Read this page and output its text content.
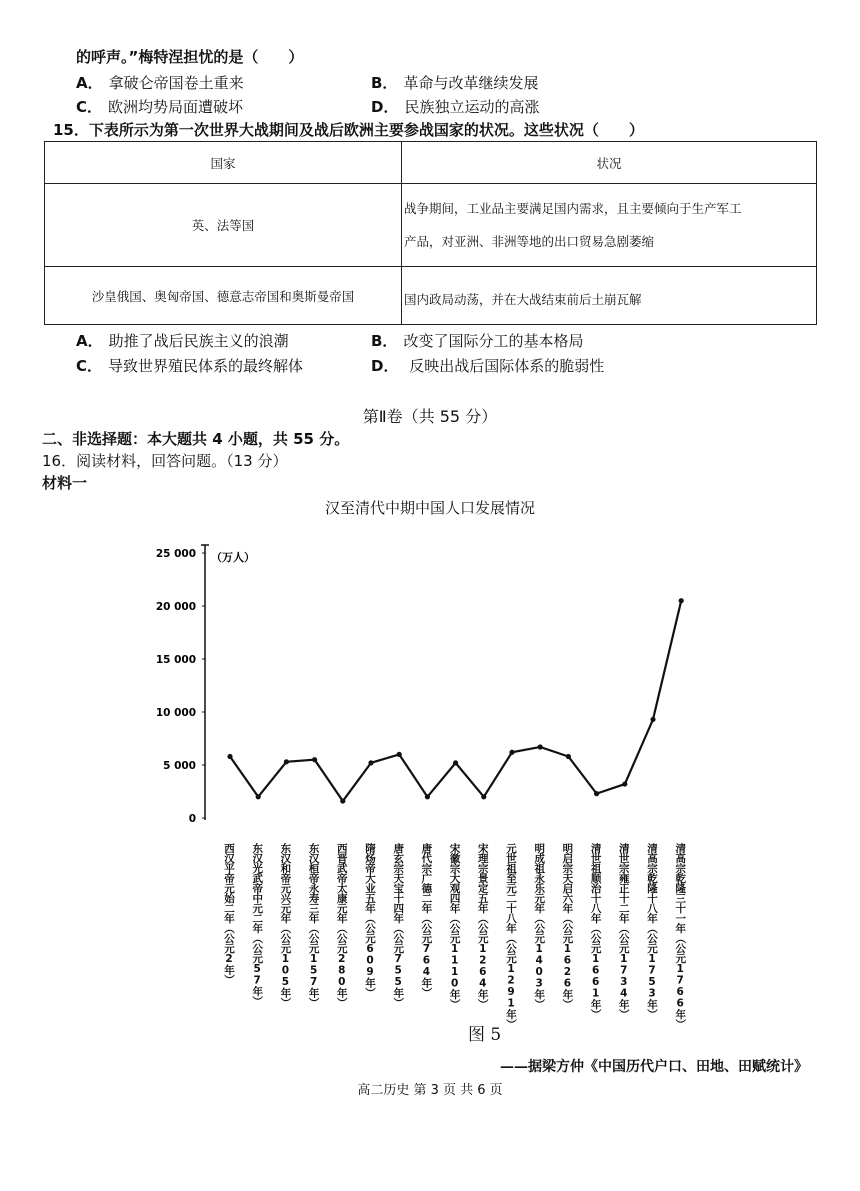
的呼声。”梅特涅担忧的是（　　）
A． 拿破仑帝国卷土重来	B． 革命与改革继续发展
C． 欧洲均势局面遭破坏	D． 民族独立运动的高涨
15．下表所示为第一次世界大战期间及战后欧洲主要参战国家的状况。这些状况（　　）
国家	状况
英、法等国	战争期间，工业品主要满足国内需求，且主要倾向于生产军工
产品，对亚洲、非洲等地的出口贸易急剧萎缩

沙皇俄国、奥匈帝国、德意志帝国和奥斯曼帝国	国内政局动荡，并在大战结束前后土崩瓦解
A． 助推了战后民族主义的浪潮	B． 改变了国际分工的基本格局
C． 导致世界殖民体系的最终解体	D． 反映出战后国际体系的脆弱性
第Ⅱ卷（共 55 分）
二、非选择题：本大题共 4 小题，共 55 分。
16．阅读材料，回答问题。（13 分）
材料一
汉至清代中期中国人口发展情况
25 000
20 000
15 000
10 000
5 000
0
（万人）
西汉平帝元始二年（公元2年） 东汉光武帝中元二年（公元57年） 东汉和帝元兴元年（公元105年） 东汉桓帝永寿三年（公元157年） 西晋武帝太康元年（公元280年） 隋炀帝大业五年（公元609年） 唐玄宗天宝十四年（公元755年） 唐代宗广德二年（公元764年） 宋徽宗大观四年（公元1110年） 宋理宗景定五年（公元1264年） 元世祖至元二十八年（公元1291年） 明成祖永乐元年（公元1403年） 明启宗天启六年（公元1626年） 清世祖顺治十八年（公元1661年） 清世宗雍正十二年（公元1734年） 清高宗乾隆十八年（公元1753年） 清高宗乾隆三十一年（公元1766年）
图 5
——据梁方仲《中国历代户口、田地、田赋统计》
高二历史 第 3 页 共 6 页
